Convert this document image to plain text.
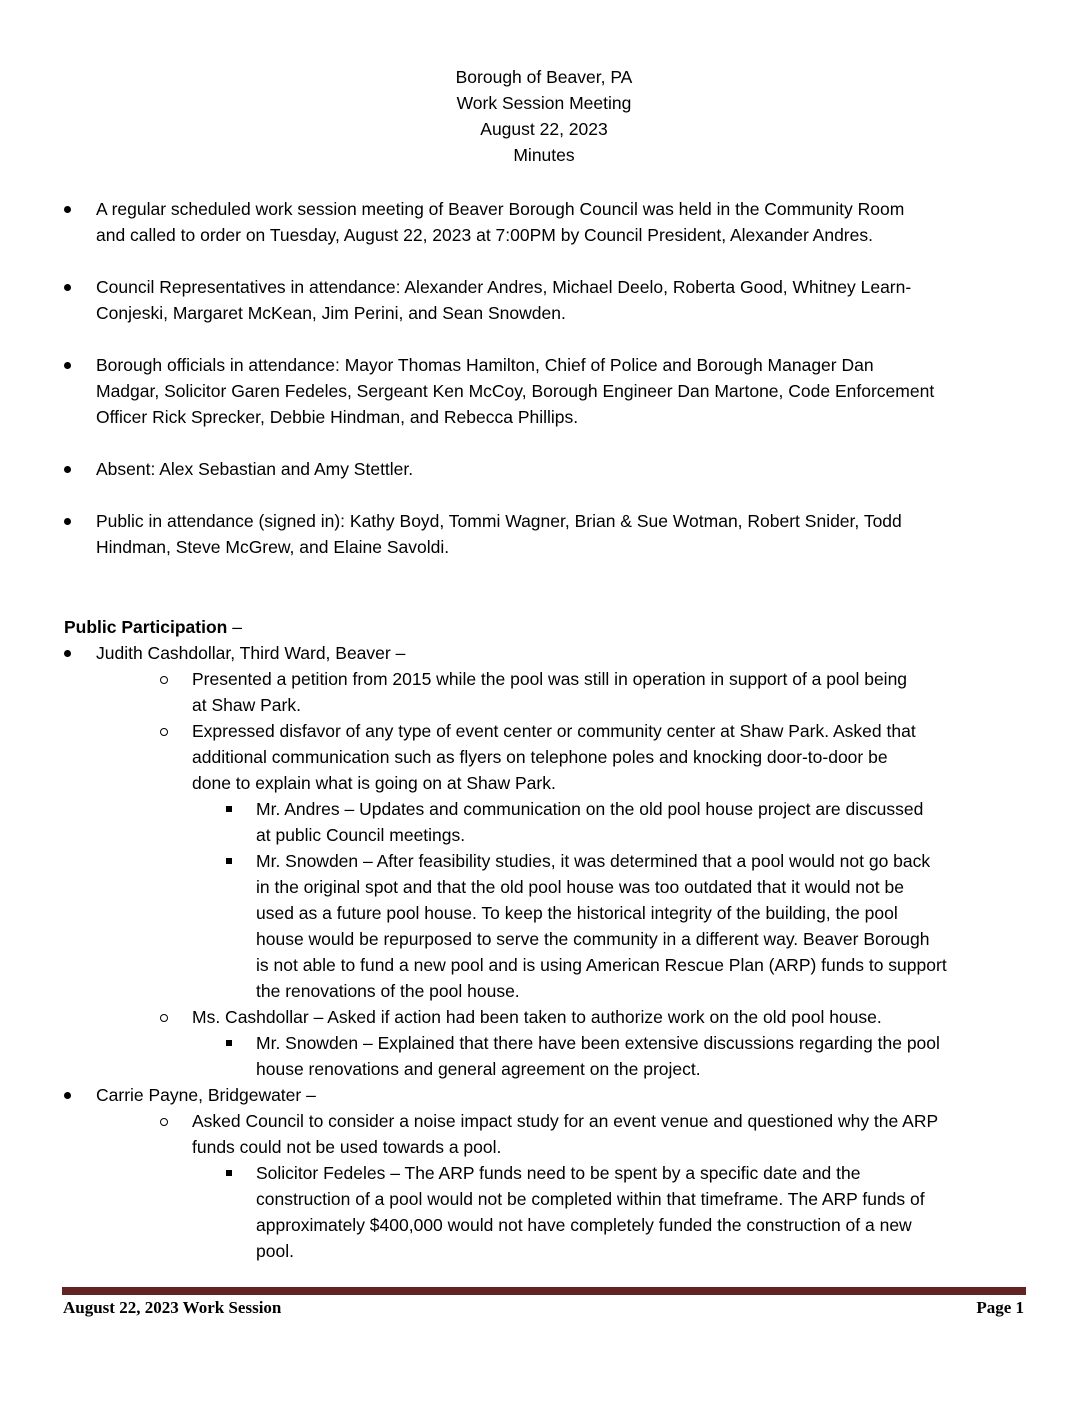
Borough of Beaver, PA
Work Session Meeting
August 22, 2023
Minutes
A regular scheduled work session meeting of Beaver Borough Council was held in the Community Room
and called to order on Tuesday, August 22, 2023 at 7:00PM by Council President, Alexander Andres.
Council Representatives in attendance: Alexander Andres, Michael Deelo, Roberta Good, Whitney Learn-
Conjeski, Margaret McKean, Jim Perini, and Sean Snowden.
Borough officials in attendance: Mayor Thomas Hamilton, Chief of Police and Borough Manager Dan
Madgar, Solicitor Garen Fedeles, Sergeant Ken McCoy, Borough Engineer Dan Martone, Code Enforcement
Officer Rick Sprecker, Debbie Hindman, and Rebecca Phillips.
Absent: Alex Sebastian and Amy Stettler.
Public in attendance (signed in): Kathy Boyd, Tommi Wagner, Brian & Sue Wotman, Robert Snider, Todd
Hindman, Steve McGrew, and Elaine Savoldi.
Public Participation –
Judith Cashdollar, Third Ward, Beaver –
Presented a petition from 2015 while the pool was still in operation in support of a pool being
at Shaw Park.
Expressed disfavor of any type of event center or community center at Shaw Park. Asked that
additional communication such as flyers on telephone poles and knocking door-to-door be
done to explain what is going on at Shaw Park.
Mr. Andres – Updates and communication on the old pool house project are discussed
at public Council meetings.
Mr. Snowden – After feasibility studies, it was determined that a pool would not go back
in the original spot and that the old pool house was too outdated that it would not be
used as a future pool house. To keep the historical integrity of the building, the pool
house would be repurposed to serve the community in a different way. Beaver Borough
is not able to fund a new pool and is using American Rescue Plan (ARP) funds to support
the renovations of the pool house.
Ms. Cashdollar – Asked if action had been taken to authorize work on the old pool house.
Mr. Snowden – Explained that there have been extensive discussions regarding the pool
house renovations and general agreement on the project.
Carrie Payne, Bridgewater –
Asked Council to consider a noise impact study for an event venue and questioned why the ARP
funds could not be used towards a pool.
Solicitor Fedeles – The ARP funds need to be spent by a specific date and the
construction of a pool would not be completed within that timeframe. The ARP funds of
approximately $400,000 would not have completely funded the construction of a new
pool.
August 22, 2023 Work Session	Page 1
